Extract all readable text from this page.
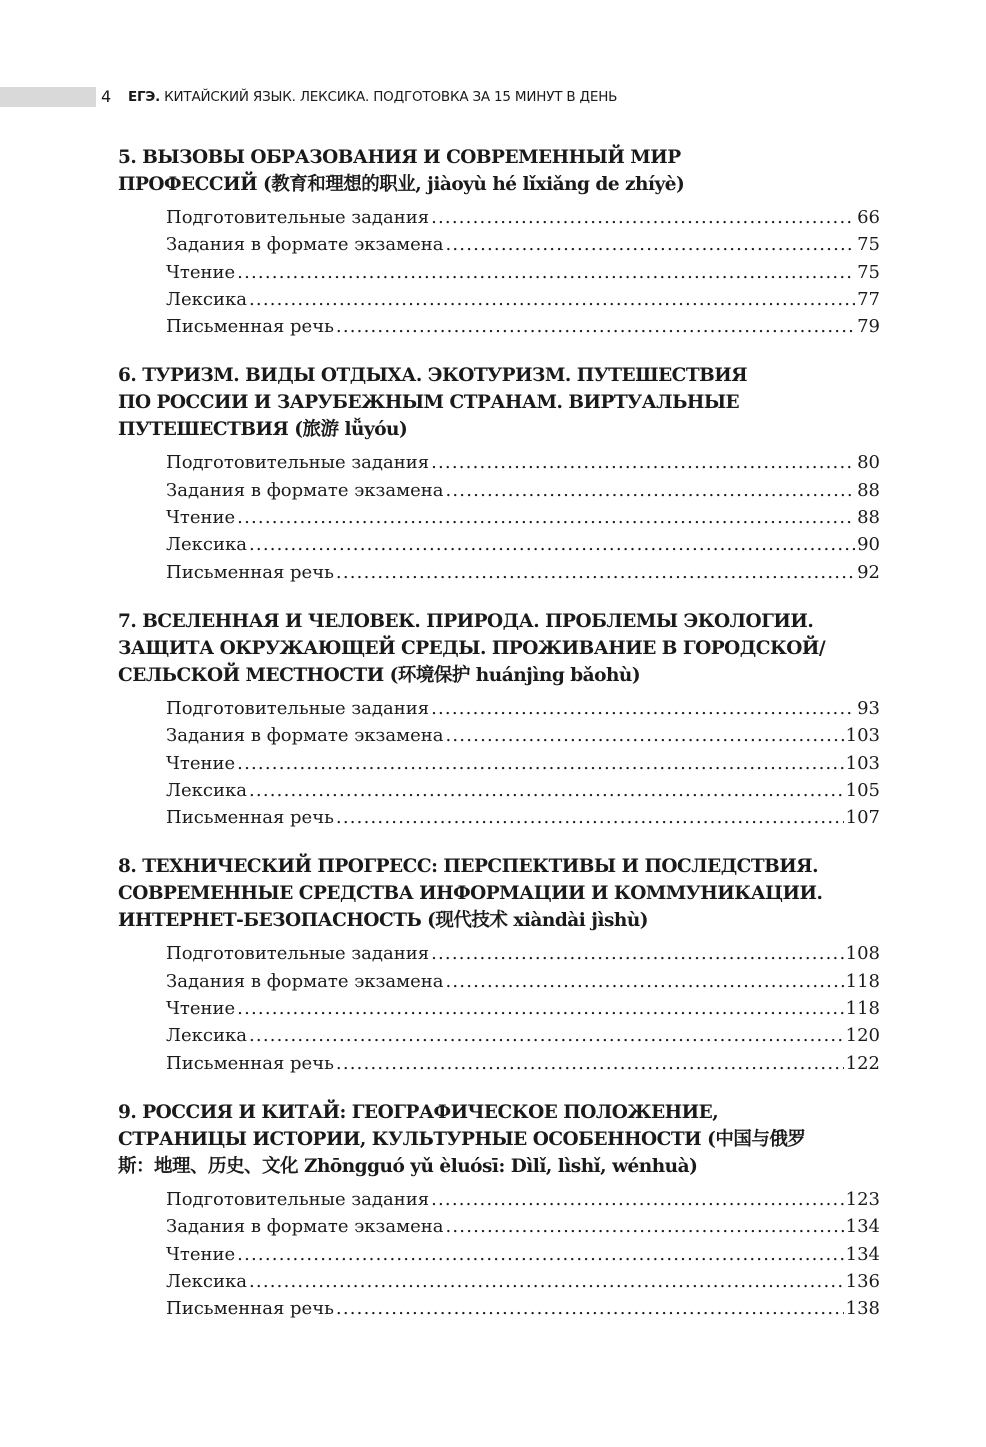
4 ЕГЭ. КИТАЙСКИЙ ЯЗЫК. ЛЕКСИКА. ПОДГОТОВКА ЗА 15 МИНУТ В ДЕНЬ
5. ВЫЗОВЫ ОБРАЗОВАНИЯ И СОВРЕМЕННЫЙ МИР
ПРОФЕССИЙ (教育和理想的职业, jiàoyù hé lǐxiǎng de zhíyè)
Подготовительные задания .....	66
Задания в формате экзамена .....	75
Чтение .....	75
Лексика .....	77
Письменная речь .....	79
6. ТУРИЗМ. ВИДЫ ОТДЫХА. ЭКОТУРИЗМ. ПУТЕШЕСТВИЯ
ПО РОССИИ И ЗАРУБЕЖНЫМ СТРАНАМ. ВИРТУАЛЬНЫЕ
ПУТЕШЕСТВИЯ (旅游 lǚyóu)
Подготовительные задания .....	80
Задания в формате экзамена .....	88
Чтение .....	88
Лексика .....	90
Письменная речь .....	92
7. ВСЕЛЕННАЯ И ЧЕЛОВЕК. ПРИРОДА. ПРОБЛЕМЫ ЭКОЛОГИИ.
ЗАЩИТА ОКРУЖАЮЩЕЙ СРЕДЫ. ПРОЖИВАНИЕ В ГОРОДСКОЙ/
СЕЛЬСКОЙ МЕСТНОСТИ (环境保护 huánjìng bǎohù)
Подготовительные задания .....	93
Задания в формате экзамена .....	103
Чтение .....	103
Лексика .....	105
Письменная речь .....	107
8. ТЕХНИЧЕСКИЙ ПРОГРЕСС: ПЕРСПЕКТИВЫ И ПОСЛЕДСТВИЯ.
СОВРЕМЕННЫЕ СРЕДСТВА ИНФОРМАЦИИ И КОММУНИКАЦИИ.
ИНТЕРНЕТ-БЕЗОПАСНОСТЬ (现代技术 xiàndài jìshù)
Подготовительные задания .....	108
Задания в формате экзамена .....	118
Чтение .....	118
Лексика .....	120
Письменная речь .....	122
9. РОССИЯ И КИТАЙ: ГЕОГРАФИЧЕСКОЕ ПОЛОЖЕНИЕ,
СТРАНИЦЫ ИСТОРИИ, КУЛЬТУРНЫЕ ОСОБЕННОСТИ (中国与俄罗
斯：地理、历史、文化 Zhōngguó yǔ èluósī: Dìlǐ, lìshǐ, wénhuà)
Подготовительные задания .....	123
Задания в формате экзамена .....	134
Чтение .....	134
Лексика .....	136
Письменная речь .....	138
